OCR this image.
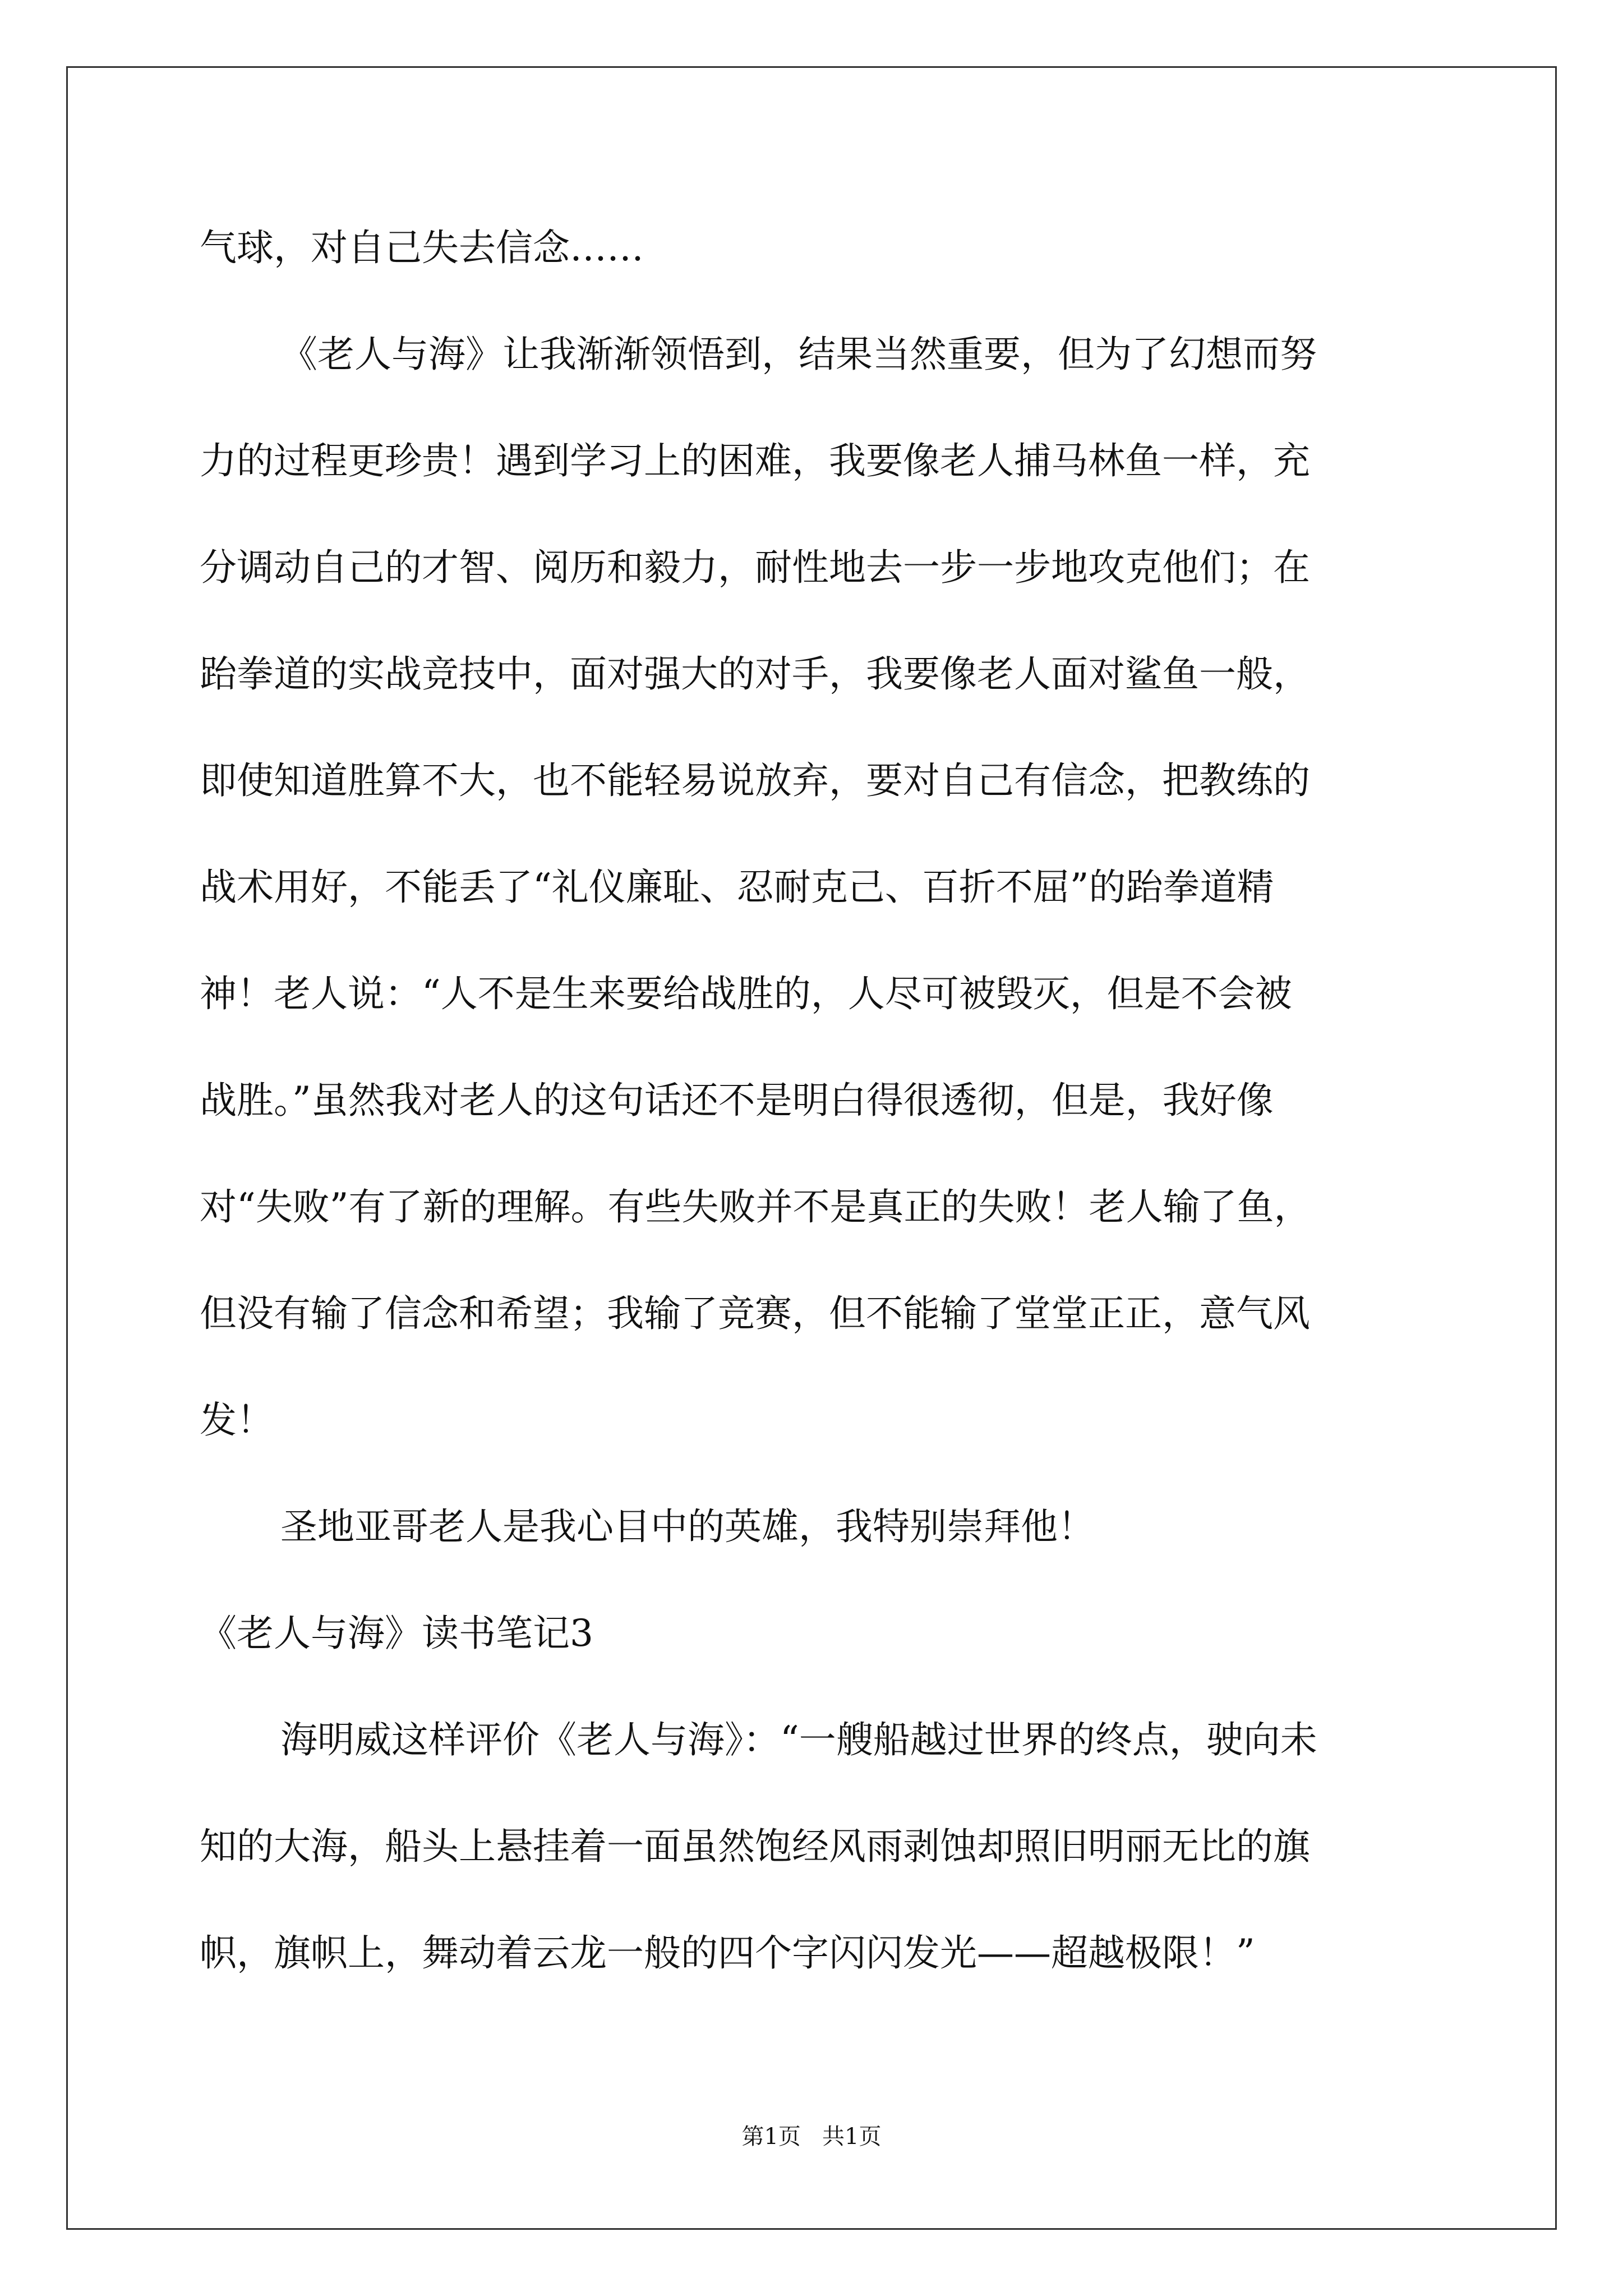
气球，对自己失去信念……
《老人与海》让我渐渐领悟到，结果当然重要，但为了幻想而努
力的过程更珍贵！遇到学习上的困难，我要像老人捕马林鱼一样，充
分调动自己的才智、阅历和毅力，耐性地去一步一步地攻克他们；在
跆拳道的实战竞技中，面对强大的对手，我要像老人面对鲨鱼一般，
即使知道胜算不大，也不能轻易说放弃，要对自己有信念，把教练的
战术用好，不能丢了“礼仪廉耻、忍耐克己、百折不屈”的跆拳道精
神！老人说：“人不是生来要给战胜的，人尽可被毁灭，但是不会被
战胜。”虽然我对老人的这句话还不是明白得很透彻，但是，我好像
对“失败”有了新的理解。有些失败并不是真正的失败！老人输了鱼，
但没有输了信念和希望；我输了竞赛，但不能输了堂堂正正，意气风
发！
圣地亚哥老人是我心目中的英雄，我特别崇拜他！
《老人与海》读书笔记3
海明威这样评价《老人与海》：“一艘船越过世界的终点，驶向未
知的大海，船头上悬挂着一面虽然饱经风雨剥蚀却照旧明丽无比的旗
帜，旗帜上，舞动着云龙一般的四个字闪闪发光——超越极限！”
第1页   共1页
